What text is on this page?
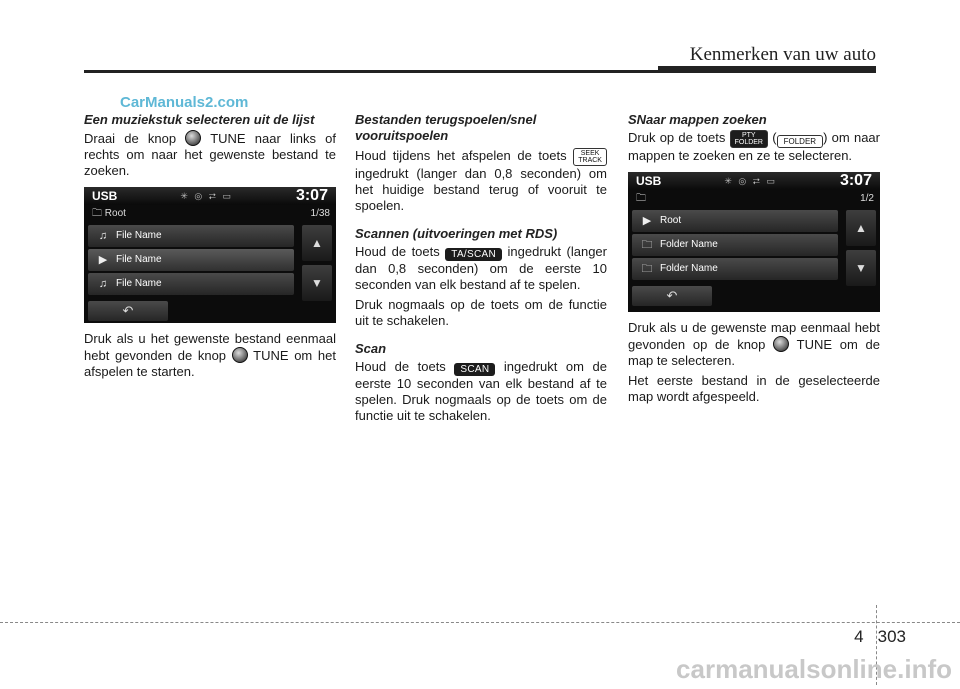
Kenmerken van uw auto
CarManuals2.com
Een muziekstuk selecteren uit de lijst

Draai de knop	TUNE naar links of rechts om naar het gewenste bestand te zoeken.

USB	✳ ◎ ⮂ ▭	3:07
🗀 Root	1/38
♫ File Name
▶ File Name
♫ File Name
↶
▲
▼

Druk als u het gewenste bestand eenmaal hebt gevonden de knop TUNE om het afspelen te starten.

Bestanden terugspoelen/snel vooruitspoelen

Houd tijdens het afspelen de toets SEEK
TRACK ingedrukt (langer dan 0,8 seconden) om het huidige bestand terug of vooruit te spoelen.

Scannen (uitvoeringen met RDS)

Houd de toets TA/SCAN ingedrukt (langer dan 0,8 seconden) om de eerste 10 seconden van elk bestand af te spelen.

Druk nogmaals op de toets om de functie uit te schakelen.

Scan

Houd de toets SCAN ingedrukt om de eerste 10 seconden van elk bestand af te spelen. Druk nogmaals op de toets om de functie uit te schakelen.

SNaar mappen zoeken

Druk op de toets PTY
FOLDER ( FOLDER ) om naar mappen te zoeken en ze te selecteren.

USB	✳ ◎ ⮂ ▭	3:07
🗀	1/2
▶ Root
🗀 Folder Name
🗀 Folder Name
↶
▲
▼

Druk als u de gewenste map eenmaal hebt gevonden op de knop TUNE om de map te selecteren.

Het eerste bestand in de geselecteerde map wordt afgespeeld.

4 303
carmanualsonline.info
